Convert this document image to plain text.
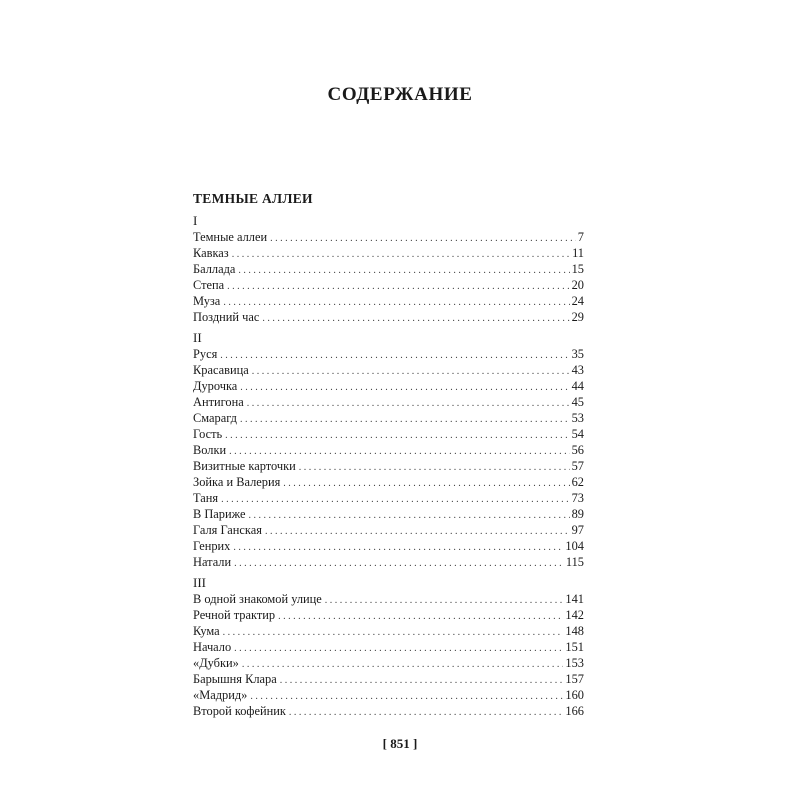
СОДЕРЖАНИЕ
ТЕМНЫЕ АЛЛЕИ
I
Темные аллеи . . .	7
Кавказ . . .	11
Баллада . . .	15
Степа . . .	20
Муза . . .	24
Поздний час . . .	29
II
Руся . . .	35
Красавица . . .	43
Дурочка . . .	44
Антигона . . .	45
Смарагд . . .	53
Гость . . .	54
Волки . . .	56
Визитные карточки . . .	57
Зойка и Валерия . . .	62
Таня . . .	73
В Париже . . .	89
Галя Ганская . . .	97
Генрих . . .	104
Натали . . .	115
III
В одной знакомой улице . . .	141
Речной трактир . . .	142
Кума . . .	148
Начало . . .	151
«Дубки» . . .	153
Барышня Клара . . .	157
«Мадрид» . . .	160
Второй кофейник . . .	166
[ 851 ]
